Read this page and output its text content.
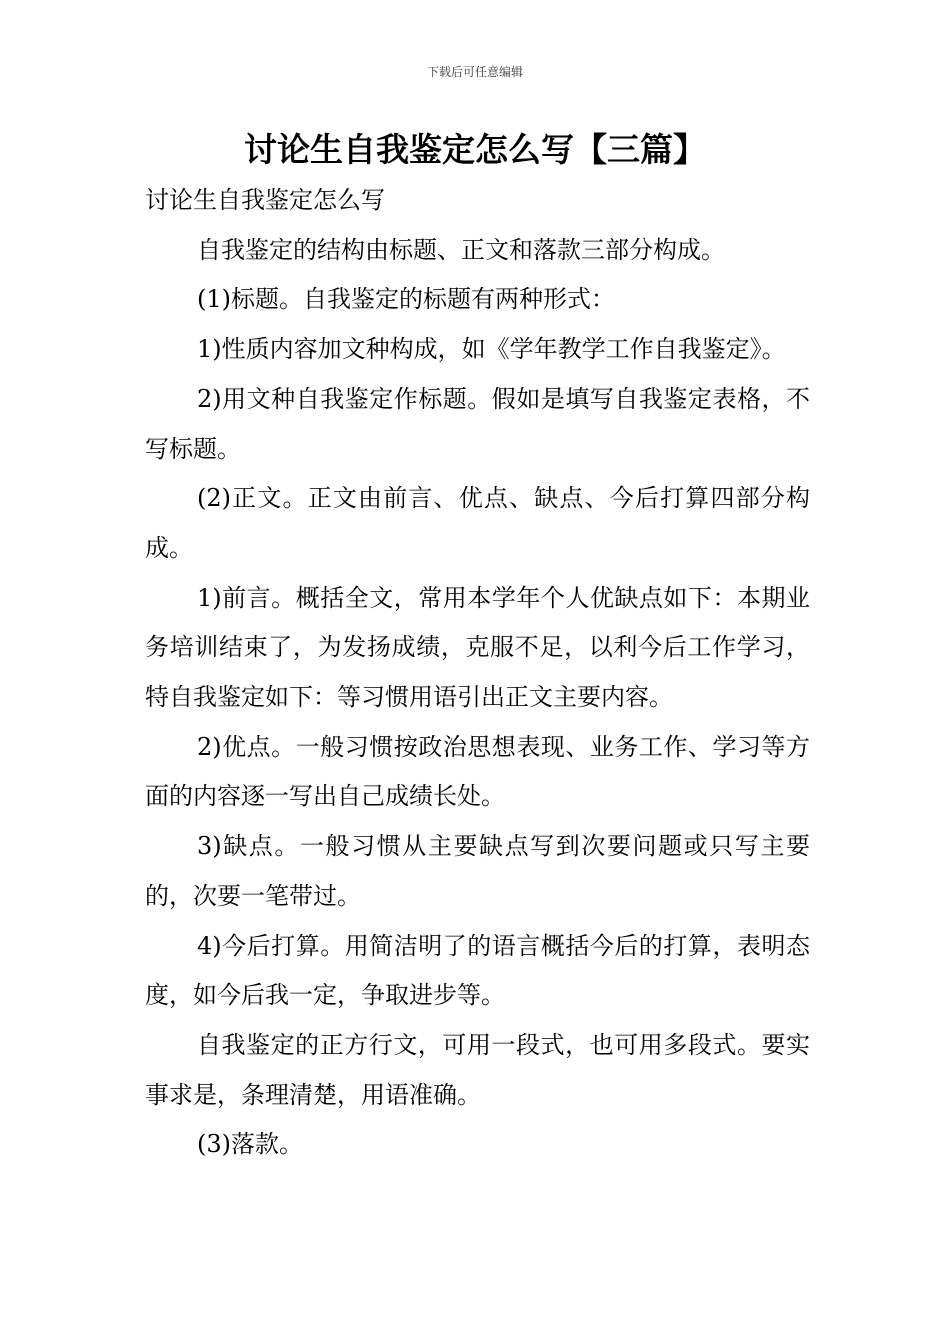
下载后可任意编辑
讨论生自我鉴定怎么写【三篇】

讨论生自我鉴定怎么写

自我鉴定的结构由标题、正文和落款三部分构成。

(1)标题。自我鉴定的标题有两种形式：

1)性质内容加文种构成，如《学年教学工作自我鉴定》。

2)用文种自我鉴定作标题。假如是填写自我鉴定表格，不写标题。

(2)正文。正文由前言、优点、缺点、今后打算四部分构成。

1)前言。概括全文，常用本学年个人优缺点如下：本期业务培训结束了，为发扬成绩，克服不足，以利今后工作学习，特自我鉴定如下：等习惯用语引出正文主要内容。

2)优点。一般习惯按政治思想表现、业务工作、学习等方面的内容逐一写出自己成绩长处。

3)缺点。一般习惯从主要缺点写到次要问题或只写主要的，次要一笔带过。

4)今后打算。用简洁明了的语言概括今后的打算，表明态度，如今后我一定，争取进步等。

自我鉴定的正方行文，可用一段式，也可用多段式。要实事求是，条理清楚，用语准确。

(3)落款。
